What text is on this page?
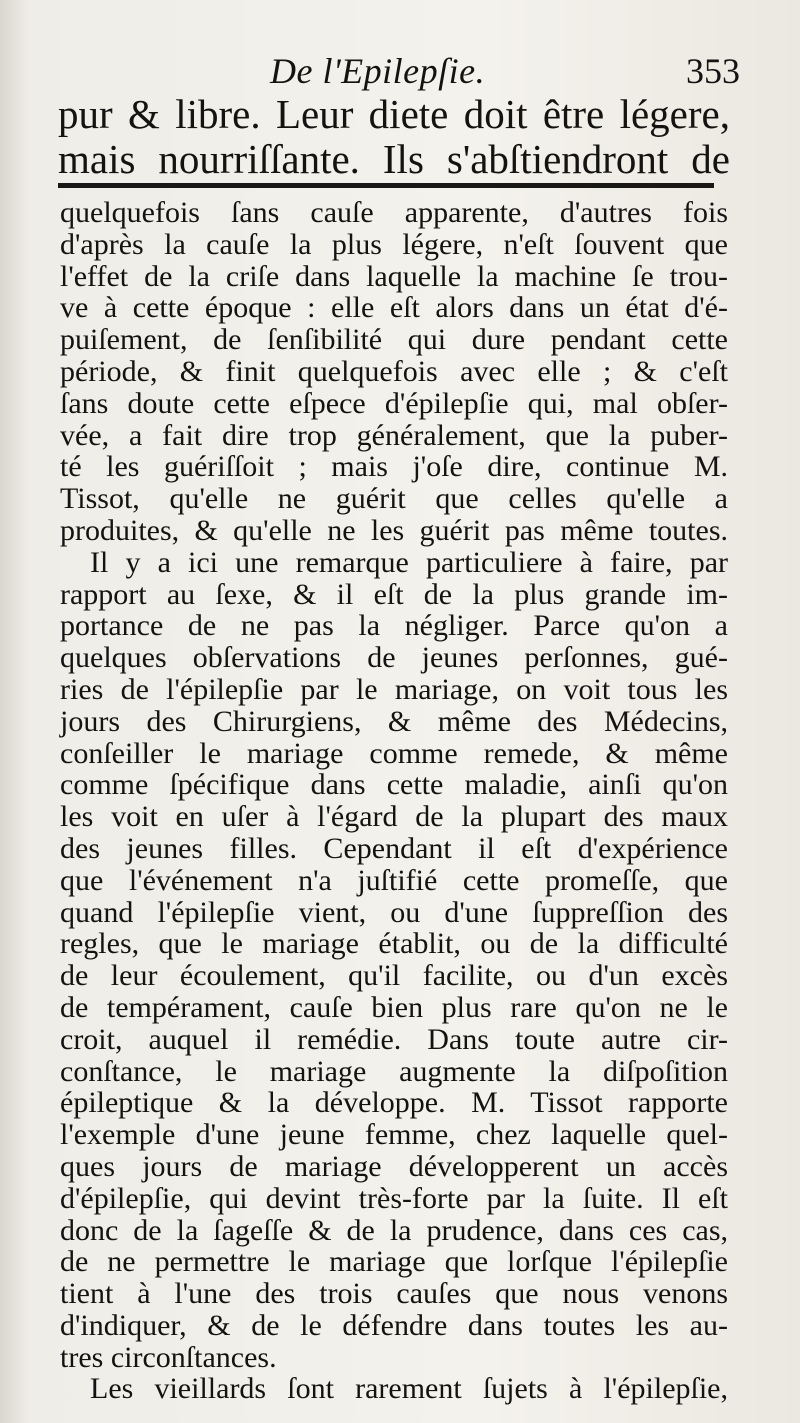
De l'Epilepſie.	353
pur & libre. Leur diete doit être légere,
mais nourriſſante. Ils s'abſtiendront de
quelquefois ſans cauſe apparente, d'autres fois
d'après la cauſe la plus légere, n'eſt ſouvent que
l'effet de la criſe dans laquelle la machine ſe trou-
ve à cette époque : elle eſt alors dans un état d'é-
puiſement, de ſenſibilité qui dure pendant cette
période, & finit quelquefois avec elle ; & c'eſt
ſans doute cette eſpece d'épilepſie qui, mal obſer-
vée, a fait dire trop généralement, que la puber-
té les guériſſoit ; mais j'oſe dire, continue M.
Tissot, qu'elle ne guérit que celles qu'elle a
produites, & qu'elle ne les guérit pas même toutes.
Il y a ici une remarque particuliere à faire, par
rapport au ſexe, & il eſt de la plus grande im-
portance de ne pas la négliger. Parce qu'on a
quelques obſervations de jeunes perſonnes, gué-
ries de l'épilepſie par le mariage, on voit tous les
jours des Chirurgiens, & même des Médecins,
conſeiller le mariage comme remede, & même
comme ſpécifique dans cette maladie, ainſi qu'on
les voit en uſer à l'égard de la plupart des maux
des jeunes filles. Cependant il eſt d'expérience
que l'événement n'a juſtifié cette promeſſe, que
quand l'épilepſie vient, ou d'une ſuppreſſion des
regles, que le mariage établit, ou de la difficulté
de leur écoulement, qu'il facilite, ou d'un excès
de tempérament, cauſe bien plus rare qu'on ne le
croit, auquel il remédie. Dans toute autre cir-
conſtance, le mariage augmente la diſpoſition
épileptique & la développe. M. Tissot rapporte
l'exemple d'une jeune femme, chez laquelle quel-
ques jours de mariage développerent un accès
d'épilepſie, qui devint très-forte par la ſuite. Il eſt
donc de la ſageſſe & de la prudence, dans ces cas,
de ne permettre le mariage que lorſque l'épilepſie
tient à l'une des trois cauſes que nous venons
d'indiquer, & de le défendre dans toutes les au-
tres circonſtances.
Les vieillards ſont rarement ſujets à l'épilepſie,
